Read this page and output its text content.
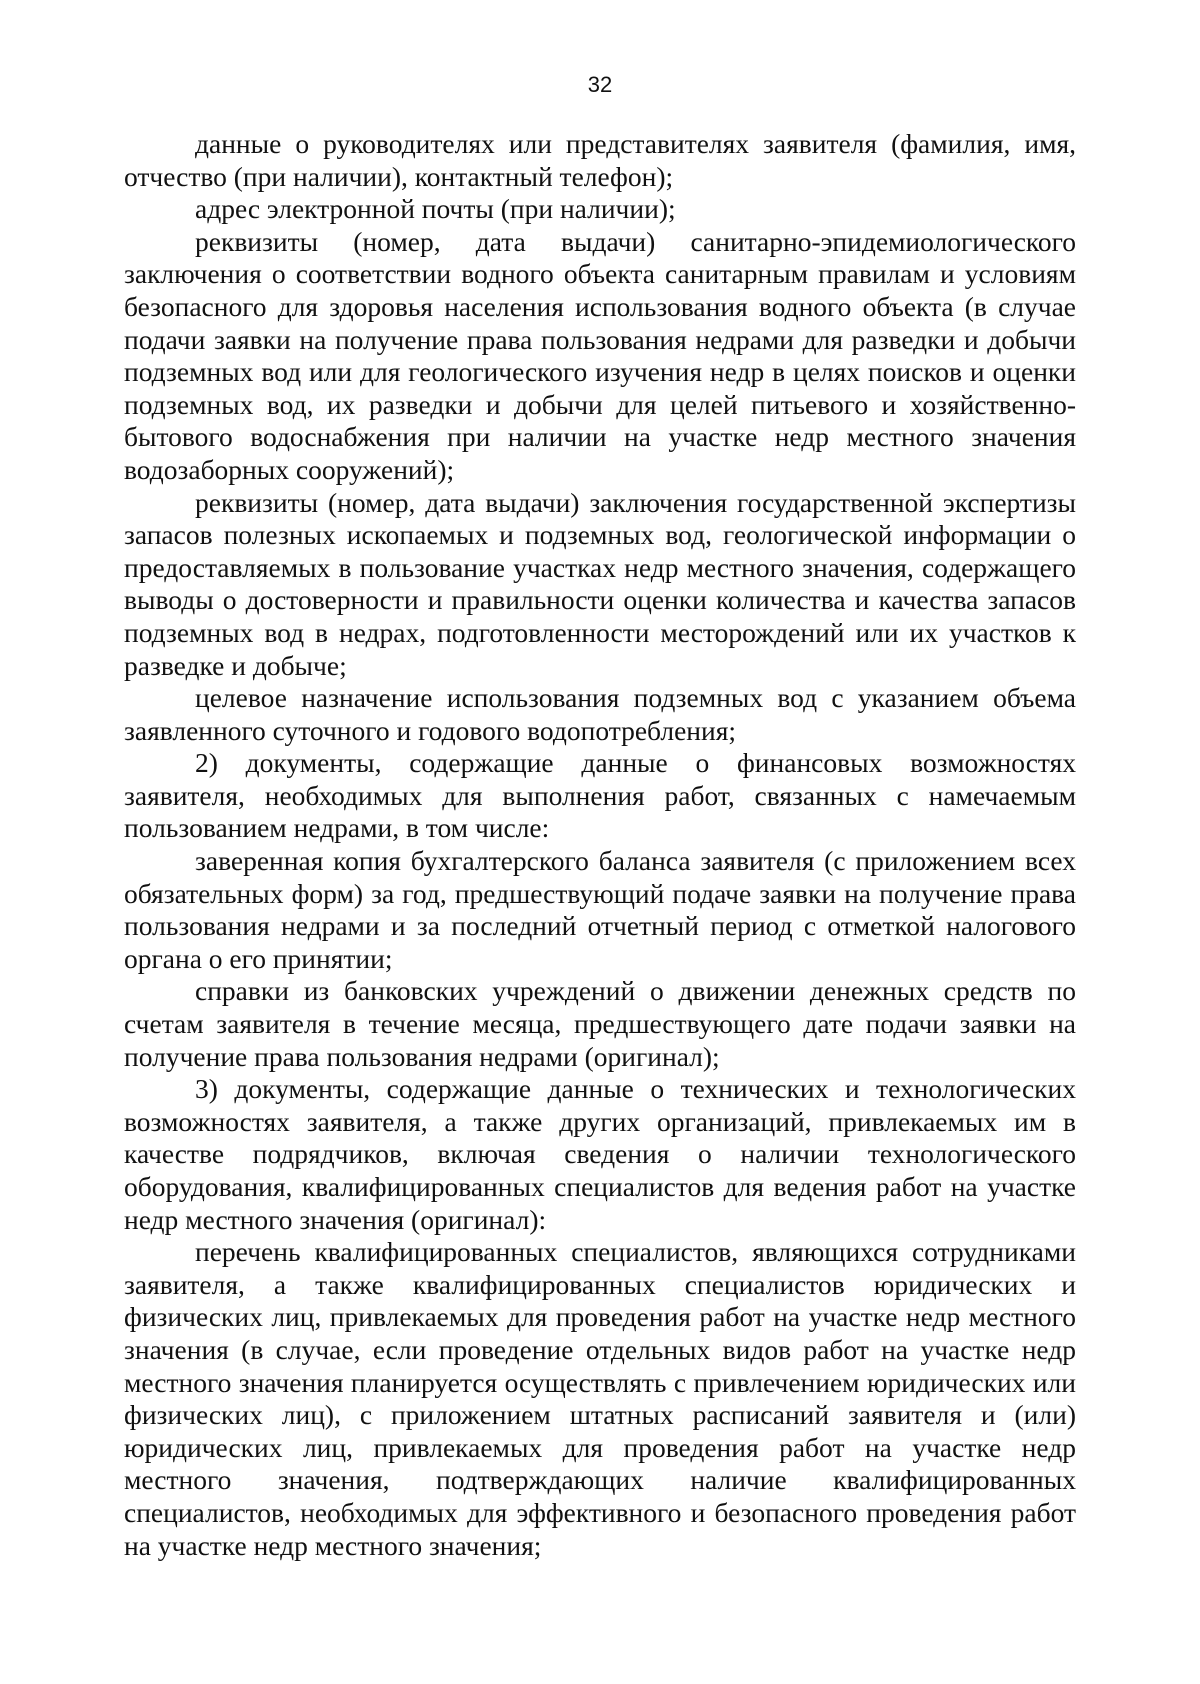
32

данные о руководителях или представителях заявителя (фамилия, имя, отчество (при наличии), контактный телефон);

адрес электронной почты (при наличии);

реквизиты (номер, дата выдачи) санитарно-эпидемиологического заключения о соответствии водного объекта санитарным правилам и условиям безопасного для здоровья населения использования водного объекта (в случае подачи заявки на получение права пользования недрами для разведки и добычи подземных вод или для геологического изучения недр в целях поисков и оценки подземных вод, их разведки и добычи для целей питьевого и хозяйственно-бытового водоснабжения при наличии на участке недр местного значения водозаборных сооружений);

реквизиты (номер, дата выдачи) заключения государственной экспертизы запасов полезных ископаемых и подземных вод, геологической информации о предоставляемых в пользование участках недр местного значения, содержащего выводы о достоверности и правильности оценки количества и качества запасов подземных вод в недрах, подготовленности месторождений или их участков к разведке и добыче;

целевое назначение использования подземных вод с указанием объема заявленного суточного и годового водопотребления;

2) документы, содержащие данные о финансовых возможностях заявителя, необходимых для выполнения работ, связанных с намечаемым пользованием недрами, в том числе:

заверенная копия бухгалтерского баланса заявителя (с приложением всех обязательных форм) за год, предшествующий подаче заявки на получение права пользования недрами и за последний отчетный период с отметкой налогового органа о его принятии;

справки из банковских учреждений о движении денежных средств по счетам заявителя в течение месяца, предшествующего дате подачи заявки на получение права пользования недрами (оригинал);

3) документы, содержащие данные о технических и технологических возможностях заявителя, а также других организаций, привлекаемых им в качестве подрядчиков, включая сведения о наличии технологического оборудования, квалифицированных специалистов для ведения работ на участке недр местного значения (оригинал):

перечень квалифицированных специалистов, являющихся сотрудниками заявителя, а также квалифицированных специалистов юридических и физических лиц, привлекаемых для проведения работ на участке недр местного значения (в случае, если проведение отдельных видов работ на участке недр местного значения планируется осуществлять с привлечением юридических или физических лиц), с приложением штатных расписаний заявителя и (или) юридических лиц, привлекаемых для проведения работ на участке недр местного значения, подтверждающих наличие квалифицированных специалистов, необходимых для эффективного и безопасного проведения работ на участке недр местного значения;
